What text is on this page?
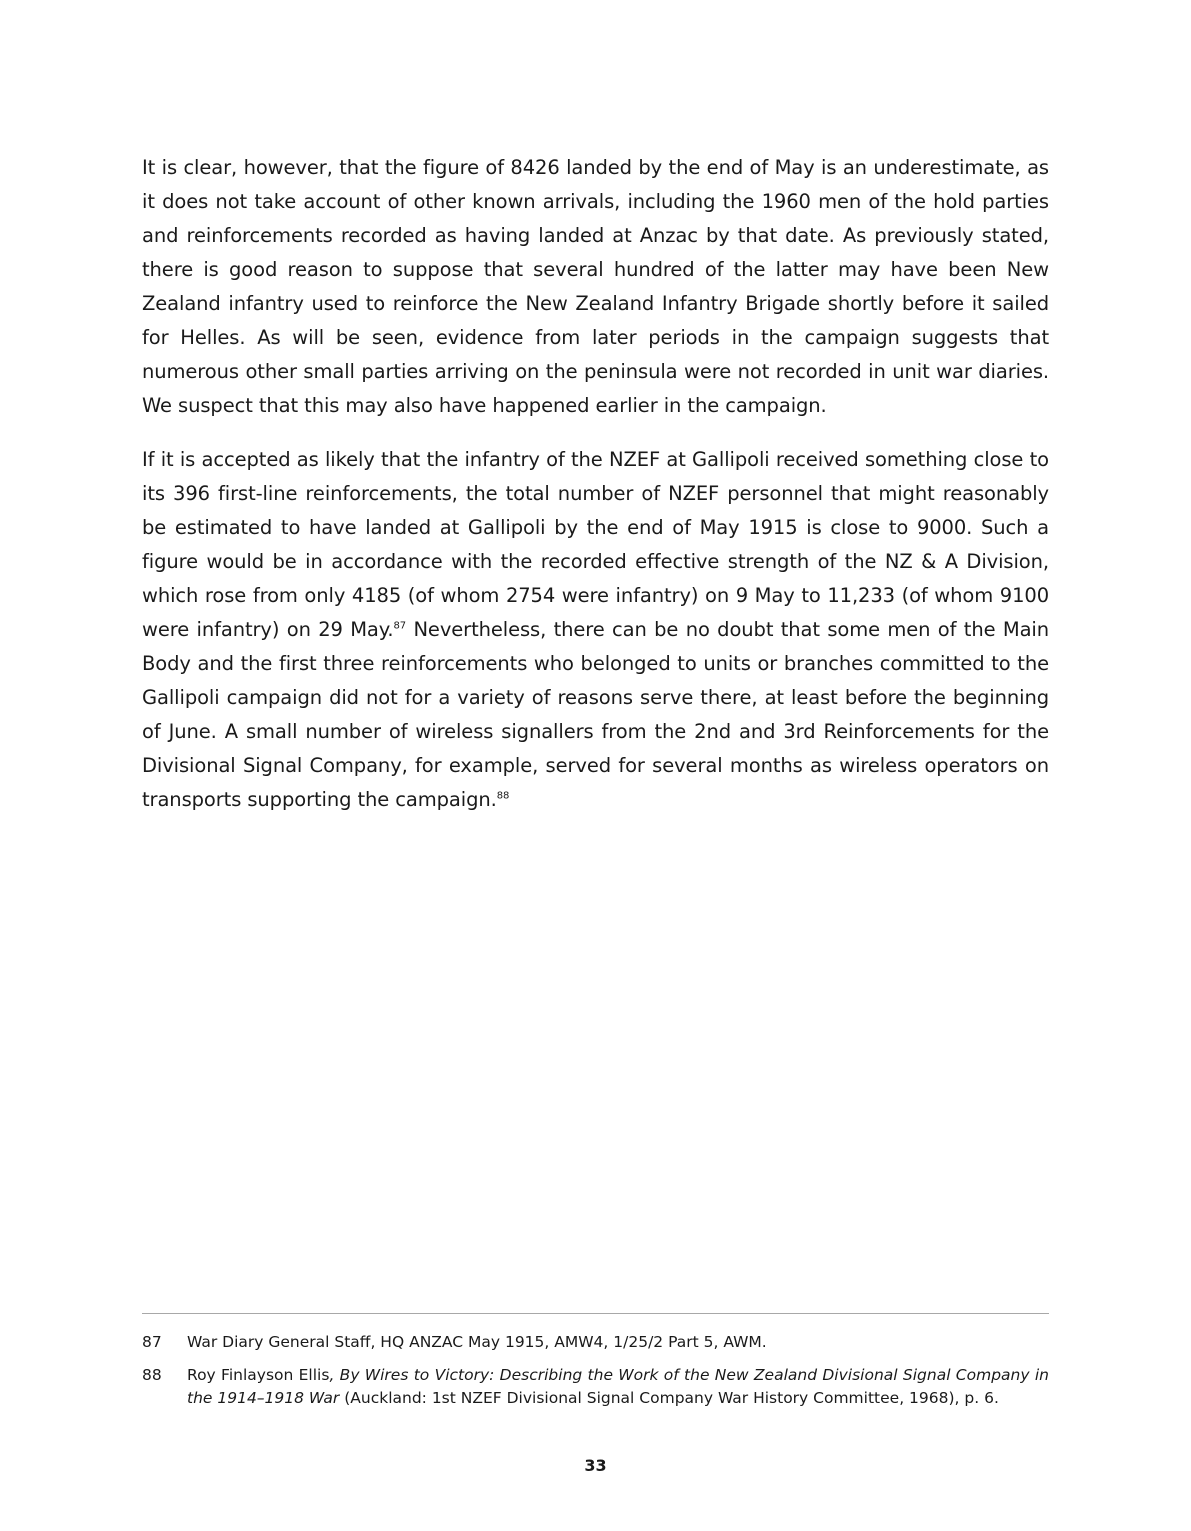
It is clear, however, that the figure of 8426 landed by the end of May is an underestimate, as it does not take account of other known arrivals, including the 1960 men of the hold parties and reinforcements recorded as having landed at Anzac by that date. As previously stated, there is good reason to suppose that several hundred of the latter may have been New Zealand infantry used to reinforce the New Zealand Infantry Brigade shortly before it sailed for Helles. As will be seen, evidence from later periods in the campaign suggests that numerous other small parties arriving on the peninsula were not recorded in unit war diaries. We suspect that this may also have happened earlier in the campaign.

If it is accepted as likely that the infantry of the NZEF at Gallipoli received something close to its 396 first-line reinforcements, the total number of NZEF personnel that might reasonably be estimated to have landed at Gallipoli by the end of May 1915 is close to 9000. Such a figure would be in accordance with the recorded effective strength of the NZ & A Division, which rose from only 4185 (of whom 2754 were infantry) on 9 May to 11,233 (of whom 9100 were infantry) on 29 May.$^{87}$ Nevertheless, there can be no doubt that some men of the Main Body and the first three reinforcements who belonged to units or branches committed to the Gallipoli campaign did not for a variety of reasons serve there, at least before the beginning of June. A small number of wireless signallers from the 2nd and 3rd Reinforcements for the Divisional Signal Company, for example, served for several months as wireless operators on transports supporting the campaign.$^{88}$

87	War Diary General Staff, HQ ANZAC May 1915, AMW4, 1/25/2 Part 5, AWM.
88	Roy Finlayson Ellis, By Wires to Victory: Describing the Work of the New Zealand Divisional Signal Company in the 1914–1918 War (Auckland: 1st NZEF Divisional Signal Company War History Committee, 1968), p. 6.
33
